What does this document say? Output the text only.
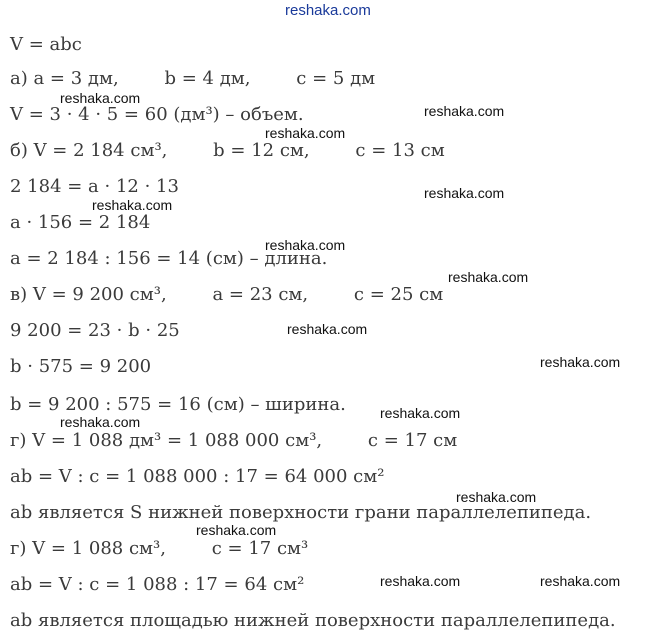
reshaka.com
V = abc
а) a = 3 дм,        b = 4 дм,        c = 5 дм
reshaka.com
V = 3 · 4 · 5 = 60 (дм³) – объем.	reshaka.com
reshaka.com
б) V = 2 184 см³,        b = 12 см,        c = 13 см
2 184 = a · 12 · 13	reshaka.com
reshaka.com
a · 156 = 2 184
reshaka.com
a = 2 184 : 156 = 14 (см) – длина.
reshaka.com
в) V = 9 200 см³,        a = 23 см,        c = 25 см
reshaka.com
9 200 = 23 · b · 25
reshaka.com
b · 575 = 9 200
b = 9 200 : 575 = 16 (см) – ширина. reshaka.com
reshaka.com
г) V = 1 088 дм³ = 1 088 000 см³,        c = 17 см
ab = V : c = 1 088 000 : 17 = 64 000 см²
reshaka.com
ab является S нижней поверхности грани параллелепипеда.
reshaka.com
г) V = 1 088 см³,        c = 17 см³
reshaka.com	reshaka.com
ab = V : c = 1 088 : 17 = 64 см²
ab является площадью нижней поверхности параллелепипеда.
